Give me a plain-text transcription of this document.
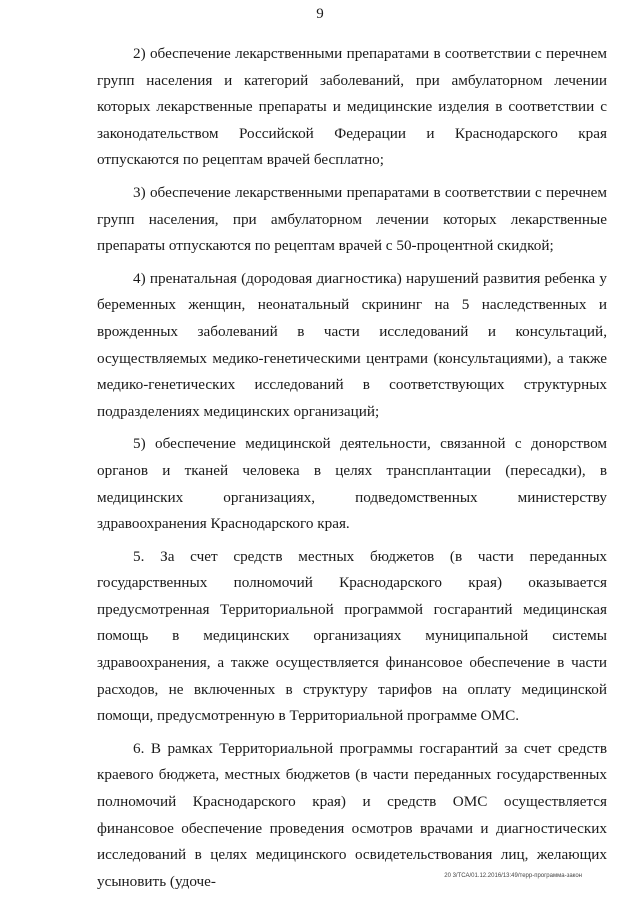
9

2) обеспечение лекарственными препаратами в соответствии с перечнем групп населения и категорий заболеваний, при амбулаторном лечении которых лекарственные препараты и медицинские изделия в соответствии с законодательством Российской Федерации и Краснодарского края отпускаются по рецептам врачей бесплатно;

3) обеспечение лекарственными препаратами в соответствии с перечнем групп населения, при амбулаторном лечении которых лекарственные препараты отпускаются по рецептам врачей с 50-процентной скидкой;

4) пренатальная (дородовая диагностика) нарушений развития ребенка у беременных женщин, неонатальный скрининг на 5 наследственных и врожденных заболеваний в части исследований и консультаций, осуществляемых медико-генетическими центрами (консультациями), а также медико-генетических исследований в соответствующих структурных подразделениях медицинских организаций;

5) обеспечение медицинской деятельности, связанной с донорством органов и тканей человека в целях трансплантации (пересадки), в медицинских организациях, подведомственных министерству здравоохранения Краснодарского края.

5. За счет средств местных бюджетов (в части переданных государственных полномочий Краснодарского края) оказывается предусмотренная Территориальной программой госгарантий медицинская помощь в медицинских организациях муниципальной системы здравоохранения, а также осуществляется финансовое обеспечение в части расходов, не включенных в структуру тарифов на оплату медицинской помощи, предусмотренную в Территориальной программе ОМС.

6. В рамках Территориальной программы госгарантий за счет средств краевого бюджета, местных бюджетов (в части переданных государственных полномочий Краснодарского края) и средств ОМС осуществляется финансовое обеспечение проведения осмотров врачами и диагностических исследований в целях медицинского освидетельствования лиц, желающих усыновить (удоче-	20 3/ТСА/01.12.2016/13:49/терр-программа-закон
